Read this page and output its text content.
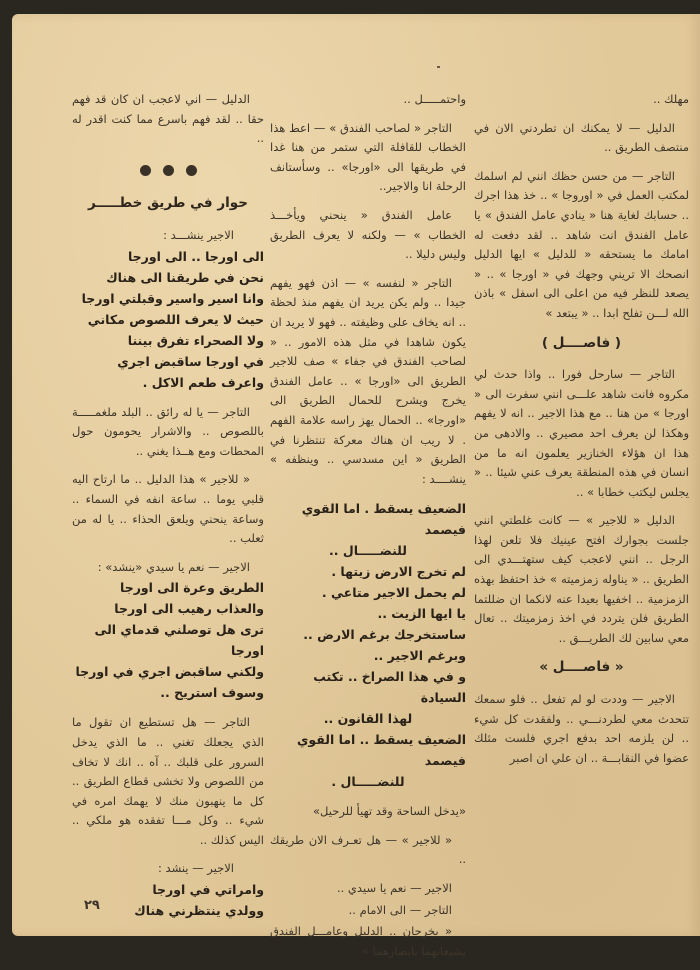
مهلك ..

الدليل — لا يمكنك ان تطردني الان في منتصف الطريق ..

التاجر — من حسن حظك انني لم اسلمك لمكتب العمل في « اوروجا » .. خذ هذا اجرك .. حسابك لغاية هنا « ينادي عامل الفندق » يا عامل الفندق انت شاهد .. لقد دفعت له امامك ما يستحقه « للدليل » ايها الدليل انصحك الا تريني وجهك في « اورجا » .. « يصعد للنظر فيه من اعلى الى اسفل » باذن الله لـــن تفلح ابدا .. « يبتعد »

( فاصــــل )

التاجر — سارحل فورا .. واذا حدث لي مكروه فانت شاهد علـــى انني سفرت الى « اورجا » من هنا .. مع هذا الاجير .. انه لا يفهم وهكذا لن يعرف احد مصيري .. والادهى من هذا ان هؤلاء الخنازير يعلمون انه ما من انسان في هذه المنطقة يعرف عني شيئا .. « يجلس ليكتب خطابا » ..

الدليل « للاجير » — كانت غلطتي انني جلست بجوارك افتح عينيك فلا تلعن لهذا الرجل .. انني لاعجب كيف ستهتـــدي الى الطريق .. « يناوله زمزميته » خذ احتفظ بهذه الزمزمية .. اخفيها بعيدا عنه لانكما ان ضللتما الطريق فلن يتردد في اخذ زمزميتك .. تعال معي سابين لك الطريـــق ..

« فاصــــل »

الاجير — وددت لو لم تفعل .. فلو سمعك تتحدث معي لطردنـــي .. ولفقدت كل شيء .. لن يلزمه احد بدفع اجري فلست مثلك عضوا في النقابـــة .. ان علي ان اصبر

واحتمـــــل ..

التاجر « لصاحب الفندق » — اعط هذا الخطاب للقافلة التي ستمر من هنا غدا في طريقها الى «اورجا» .. وسأستانف الرحلة انا والاجير..

عامل الفندق « ينحني ويأخـــذ الخطاب » — ولكنه لا يعرف الطريق وليس دليلا ..

التاجر « لنفسه » — اذن فهو يفهم جيدا .. ولم يكن يريد ان يفهم منذ لحظة .. انه يخاف على وظيفته .. فهو لا يريد ان يكون شاهدا في مثل هذه الامور .. « لصاحب الفندق في جفاء » صف للاجير الطريق الى «اورجا » .. عامل الفندق يخرج ويشرح للحمال الطريق الى «اورجا» .. الحمال يهز راسه علامة الفهم . لا ريب ان هناك معركة تنتظرنا في الطريق « اين مسدسي .. وينظفه » ينشــــد :

الضعيف يسقط . اما القوي فيصمد
للنضـــــال ..
لم تخرج الارض زيتها .
لم يحمل الاجير متاعي .
يا ايها الزيت ..
ساستخرجك برغم الارض ..
وبرغم الاجير ..
و في هذا الصراخ .. تكتب السيادة
لهذا القانون ..
الضعيف يسقط .. اما القوي فيصمد
للنضـــــال .

«يدخل الساحة وقد تهيأ للرحيل»

« للاجير » — هل تعـرف الان طريقك ..

الاجير — نعم يا سيدي ..

التاجر — الى الامام ..

« يخرجان .. الدليل وعامـــل الفندق يشيعانهما بابصارهما »

الدليل — اني لاعجب ان كان قد فهم حقا .. لقد فهم باسرع مما كنت اقدر له ..

حوار في طريق خطـــــر

الاجير ينشـــد :

الى اورجا .. الى اورجا
نحن في طريقنا الى هناك
وانا اسير واسير وقبلتي اورجا
حيث لا يعرف اللصوص مكاني
ولا الصحراء تفرق بيننا
في اورجا ساقبض اجري
واعرف طعم الاكل .

التاجر — يا له رائق .. البلد ملغمـــــة باللصوص .. والاشرار يحومون حول المحطات ومع هــذا يغني ..

« للاجير » هذا الدليل .. ما ارتاح اليه قلبي يوما .. ساعة انفه في السماء .. وساعة ينحني ويلعق الحذاء .. يا له من ثعلب ..

الاجير — نعم يا سيدي «ينشد» :

الطريق وعرة الى اورجا
والعذاب رهيب الى اورجا
ترى هل توصلني قدماي الى اورجا
ولكني ساقبض اجري في اورجا
وسوف استريح ..

التاجر — هل تستطيع ان تقول ما الذي يجعلك تغني .. ما الذي يدخل السرور على قلبك .. آه .. انك لا تخاف من اللصوص ولا تخشى قطاع الطريق .. كل ما ينهبون منك لا يهمك امره في شيء .. وكل مـــا تفقده هو ملكي .. اليس كذلك ..

الاجير — ينشد :

وامراتي في اورجا
وولدي ينتظرني هناك
٢٩
